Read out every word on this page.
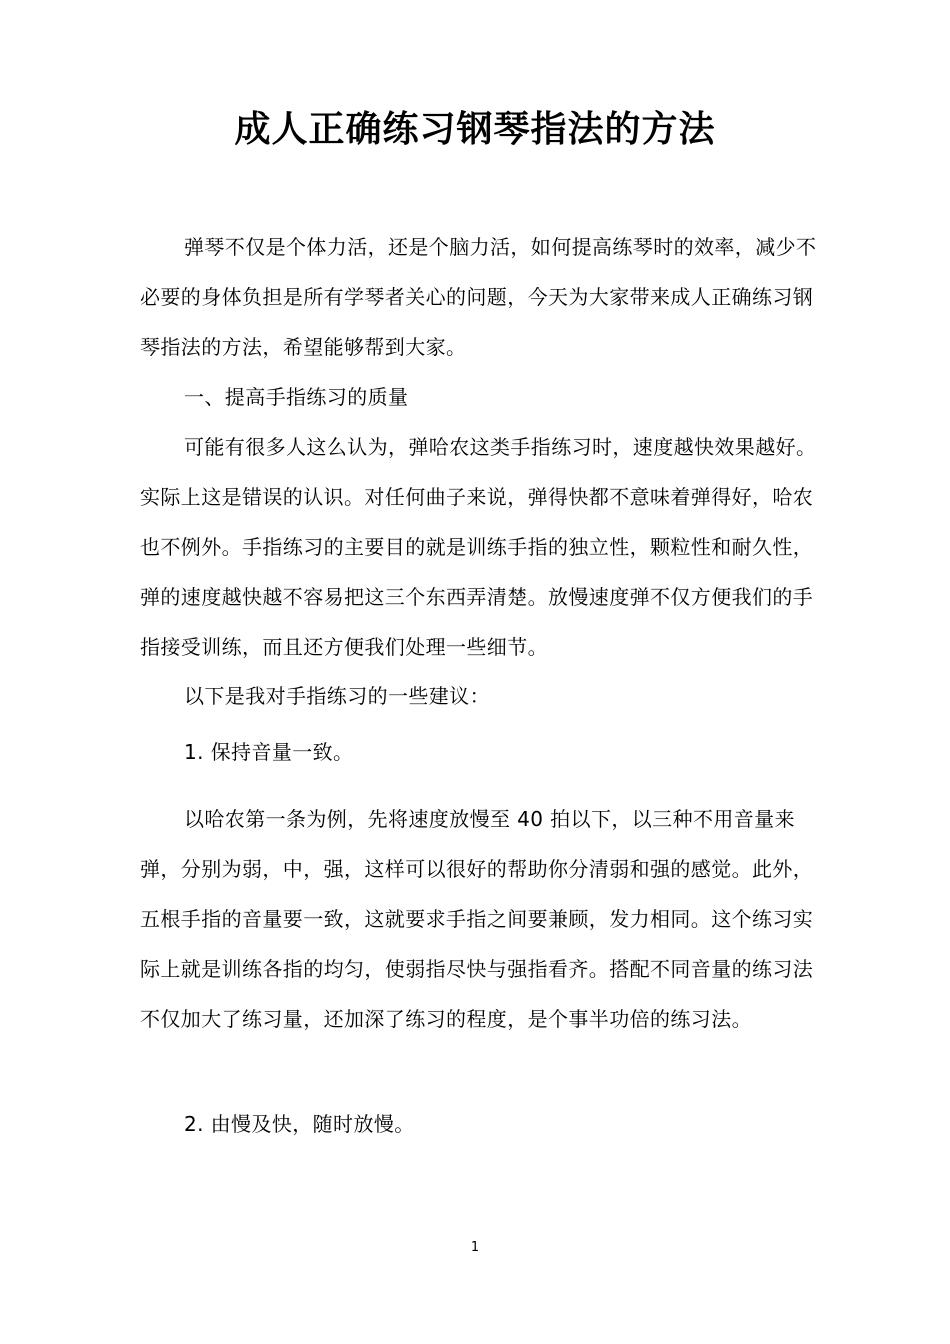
成人正确练习钢琴指法的方法

弹琴不仅是个体力活，还是个脑力活，如何提高练琴时的效率，减少不必要的身体负担是所有学琴者关心的问题，今天为大家带来成人正确练习钢琴指法的方法，希望能够帮到大家。

一、提高手指练习的质量

可能有很多人这么认为，弹哈农这类手指练习时，速度越快效果越好。实际上这是错误的认识。对任何曲子来说，弹得快都不意味着弹得好，哈农也不例外。手指练习的主要目的就是训练手指的独立性，颗粒性和耐久性，弹的速度越快越不容易把这三个东西弄清楚。放慢速度弹不仅方便我们的手指接受训练，而且还方便我们处理一些细节。

以下是我对手指练习的一些建议：

1. 保持音量一致。

以哈农第一条为例，先将速度放慢至 40 拍以下，以三种不用音量来弹，分别为弱，中，强，这样可以很好的帮助你分清弱和强的感觉。此外，五根手指的音量要一致，这就要求手指之间要兼顾，发力相同。这个练习实际上就是训练各指的均匀，使弱指尽快与强指看齐。搭配不同音量的练习法不仅加大了练习量，还加深了练习的程度，是个事半功倍的练习法。

2. 由慢及快，随时放慢。

1
